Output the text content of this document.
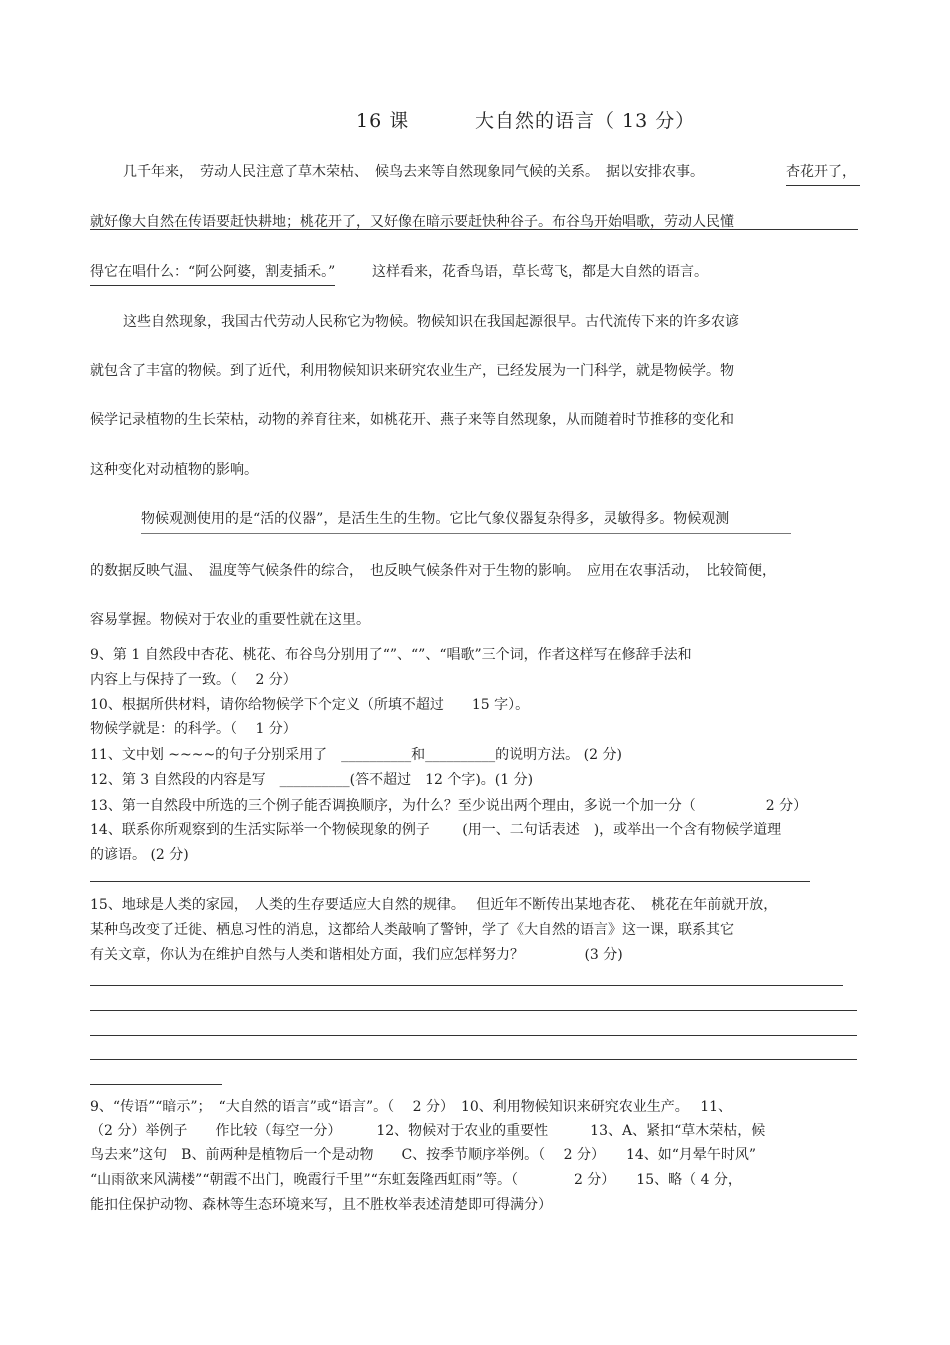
16 课	大自然的语言（ 13 分）
几千年来，　劳动人民注意了草木荣枯、　候鸟去来等自然现象同气候的关系。　据以安排农事。	杏花开了，
就好像大自然在传语要赶快耕地；桃花开了，又好像在暗示要赶快种谷子。布谷鸟开始唱歌，劳动人民懂
得它在唱什么：“阿公阿婆，割麦插禾。”	这样看来，花香鸟语，草长莺飞，都是大自然的语言。
这些自然现象，我国古代劳动人民称它为物候。物候知识在我国起源很早。古代流传下来的许多农谚
就包含了丰富的物候。到了近代，利用物候知识来研究农业生产，已经发展为一门科学，就是物候学。物
候学记录植物的生长荣枯，动物的养育往来，如桃花开、燕子来等自然现象，从而随着时节推移的变化和
这种变化对动植物的影响。
物候观测使用的是“活的仪器”，是活生生的生物。它比气象仪器复杂得多，灵敏得多。物候观测
的数据反映气温、　温度等气候条件的综合，　也反映气候条件对于生物的影响。　应用在农事活动，　比较简便，
容易掌握。物候对于农业的重要性就在这里。
9、第 1 自然段中杏花、桃花、布谷鸟分别用了“”、“”、“唱歌”三个词，作者这样写在修辞手法和
内容上与保持了一致。（　 2 分）
10、根据所供材料，请你给物候学下个定义（所填不超过　　15 字）。
物候学就是：的科学。（　 1 分）
11、文中划 ~~~~的句子分别采用了　__________和__________的说明方法。 (2 分)
12、第 3 自然段的内容是写　__________(答不超过　12 个字)。(1 分)
13、第一自然段中所选的三个例子能否调换顺序，为什么？至少说出两个理由，多说一个加一分（　　　　　2 分）
14、联系你所观察到的生活实际举一个物候现象的例子　　 (用一、二句话表述　)，或举出一个含有物候学道理
的谚语。 (2 分)
15、地球是人类的家园，　人类的生存要适应大自然的规律。　 但近年不断传出某地杏花、　桃花在年前就开放，
某种鸟改变了迁徙、栖息习性的消息，这都给人类敲响了警钟，学了《大自然的语言》这一课，联系其它
有关文章，你认为在维护自然与人类和谐相处方面，我们应怎样努力？　　　　 (3 分)
9、“传语”“暗示”；　“大自然的语言”或“语言”。（　 2 分）　10、利用物候知识来研究农业生产。　 11、
（2 分）举例子　　作比较（每空一分）　　　12、物候对于农业的重要性　　　13、A、紧扣“草木荣枯，候
鸟去来”这句　B、前两种是植物后一个是动物　　C、按季节顺序举例。（　 2 分）　　14、如“月晕午时风”
“山雨欲来风满楼”“朝霞不出门，晚霞行千里”“东虹轰隆西虹雨”等。（　　　　2 分）　　15、略（ 4 分，
能扣住保护动物、森林等生态环境来写，且不胜枚举表述清楚即可得满分）
